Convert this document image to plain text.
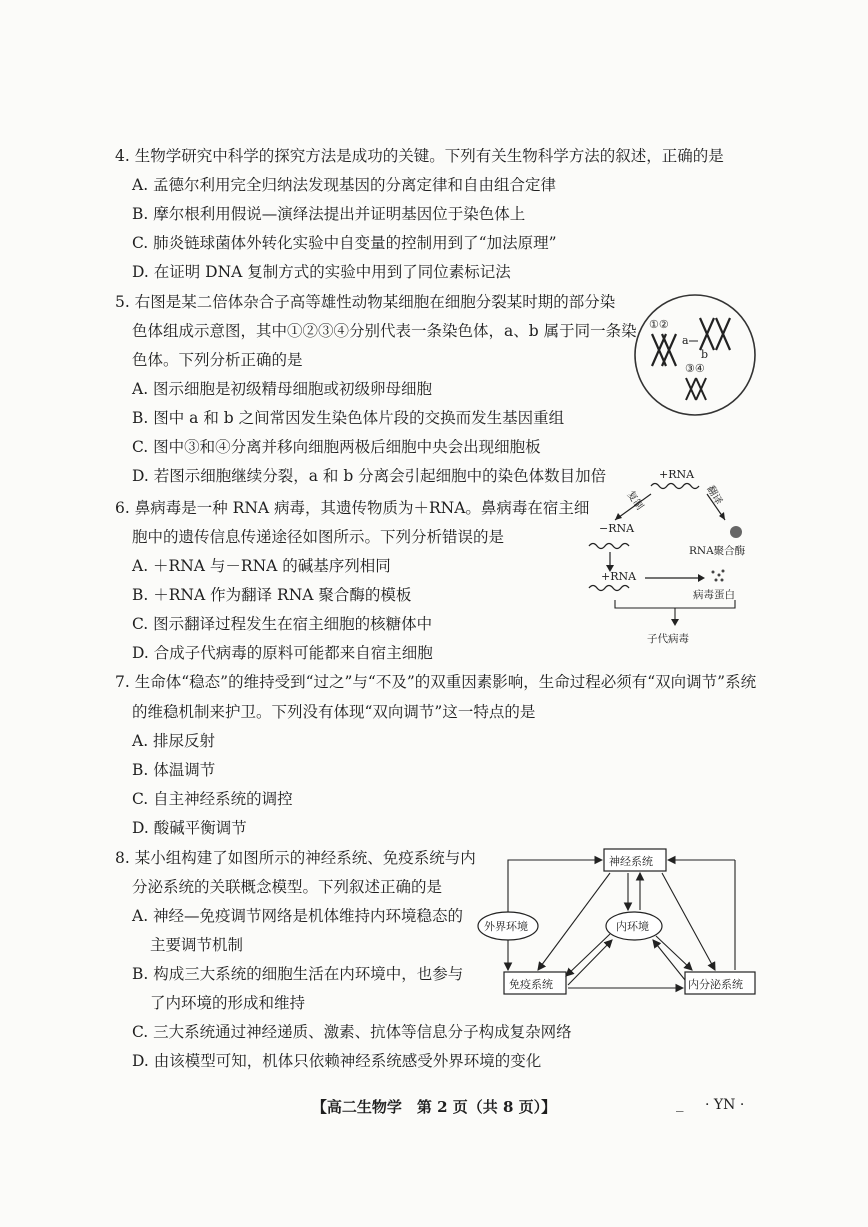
4. 生物学研究中科学的探究方法是成功的关键。下列有关生物科学方法的叙述，正确的是
A. 孟德尔利用完全归纳法发现基因的分离定律和自由组合定律
B. 摩尔根利用假说—演绎法提出并证明基因位于染色体上
C. 肺炎链球菌体外转化实验中自变量的控制用到了“加法原理”
D. 在证明 DNA 复制方式的实验中用到了同位素标记法
5. 右图是某二倍体杂合子高等雄性动物某细胞在细胞分裂某时期的部分染
色体组成示意图，其中①②③④分别代表一条染色体，a、b 属于同一条染
色体。下列分析正确的是
A. 图示细胞是初级精母细胞或初级卵母细胞
B. 图中 a 和 b 之间常因发生染色体片段的交换而发生基因重组
C. 图中③和④分离并移向细胞两极后细胞中央会出现细胞板
D. 若图示细胞继续分裂，a 和 b 分离会引起细胞中的染色体数目加倍
①②
a
b
③④
6. 鼻病毒是一种 RNA 病毒，其遗传物质为＋RNA。鼻病毒在宿主细
胞中的遗传信息传递途径如图所示。下列分析错误的是
A. ＋RNA 与－RNA 的碱基序列相同
B. ＋RNA 作为翻译 RNA 聚合酶的模板
C. 图示翻译过程发生在宿主细胞的核糖体中
D. 合成子代病毒的原料可能都来自宿主细胞
+RNA
复制	翻译
−RNA
RNA聚合酶
+RNA
病毒蛋白
子代病毒
7. 生命体“稳态”的维持受到“过之”与“不及”的双重因素影响，生命过程必须有“双向调节”系统
的维稳机制来护卫。下列没有体现“双向调节”这一特点的是
A. 排尿反射
B. 体温调节
C. 自主神经系统的调控
D. 酸碱平衡调节
8. 某小组构建了如图所示的神经系统、免疫系统与内
分泌系统的关联概念模型。下列叙述正确的是
A. 神经—免疫调节网络是机体维持内环境稳态的
主要调节机制
B. 构成三大系统的细胞生活在内环境中，也参与
了内环境的形成和维持
C. 三大系统通过神经递质、激素、抗体等信息分子构成复杂网络
D. 由该模型可知，机体只依赖神经系统感受外界环境的变化
神经系统
免疫系统	内分泌系统
外界环境	内环境
【高二生物学　第 2 页（共 8 页）】	_ · YN ·
